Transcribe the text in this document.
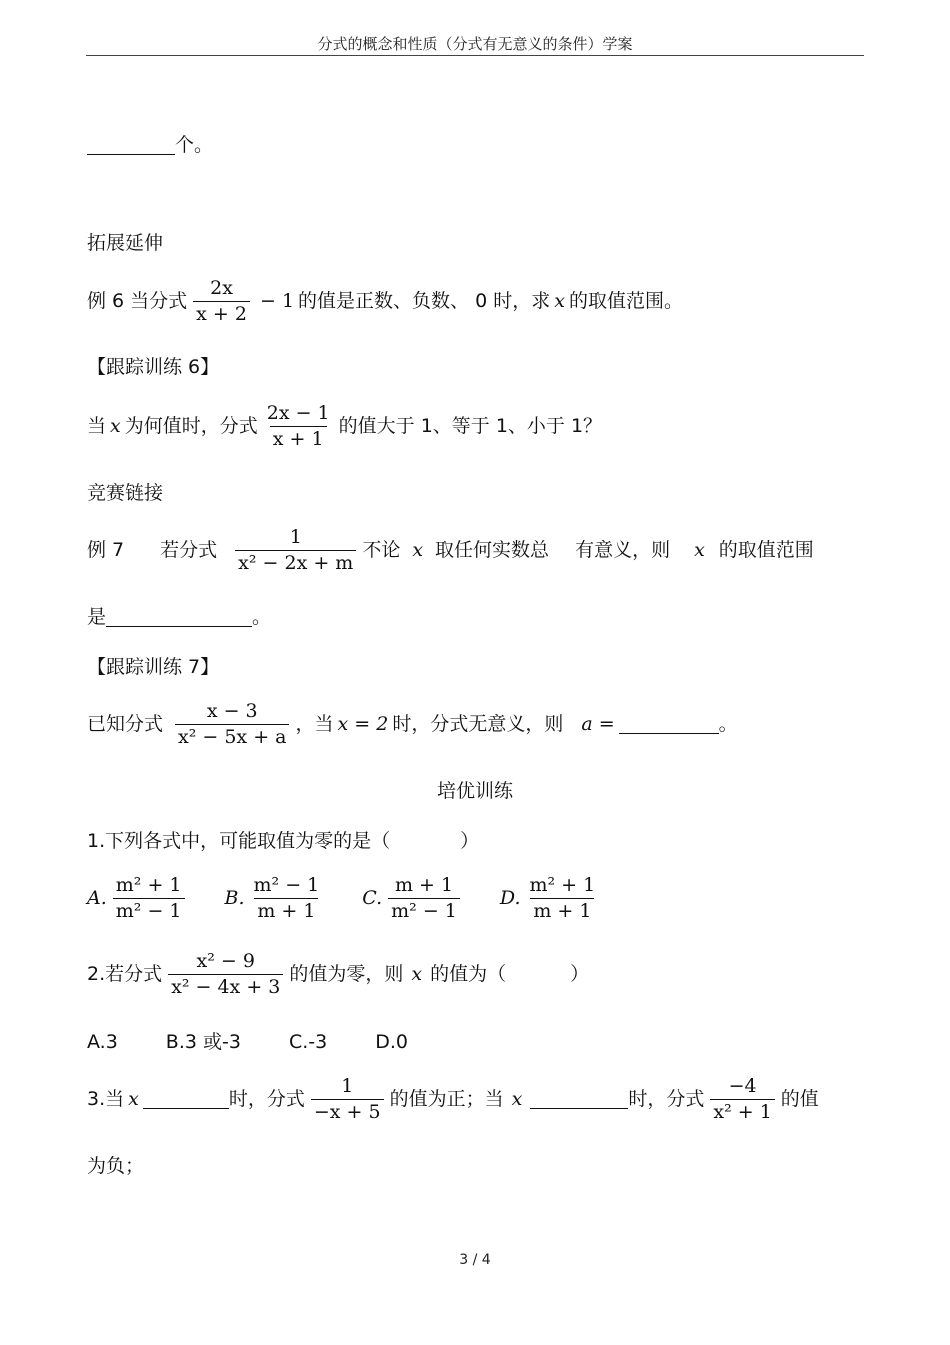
分式的概念和性质（分式有无意义的条件）学案
个。
拓展延伸
例 6 当分式 $\frac{2x}{x + 2} - 1$ 的值是正数、负数、 0 时，求 x 的取值范围。
【跟踪训练 6】
当 x 为何值时，分式 $\frac{2x - 1}{x + 1}$ 的值大于 1、等于 1、小于 1？
竞赛链接
例 7 若分式 $\frac{1}{\text{x² − 2x + m}}$ 不论 x 取任何实数总 有意义，则 x 的取值范围
是	。
【跟踪训练 7】
已知分式 $\frac{x - 3}{\text{x² − 5x + a}}$ ，当 x = 2 时，分式无意义，则 a =	。
培优训练
1.下列各式中，可能取值为零的是（	）
A. $\frac{\text{m² + 1}}{\text{m² − 1}} B$. $\frac{\text{m² − 1}}{m + 1} C$. $\frac{m + 1}{\text{m² − 1}} D$. $\frac{\text{m² + 1}}{m + 1}$
2.若分式 $\frac{\text{x² − 9}}{\text{x² − 4x + 3}}$ 的值为零，则 x 的值为（	）
A.3	B.3 或-3	C.-3	D.0
3.当 x	时，分式 $\frac{1}{-x + 5}$ 的值为正；当 x	时，分式 $\frac{-4}{\text{x² + 1}}$ 的值
为负；
3 / 4
